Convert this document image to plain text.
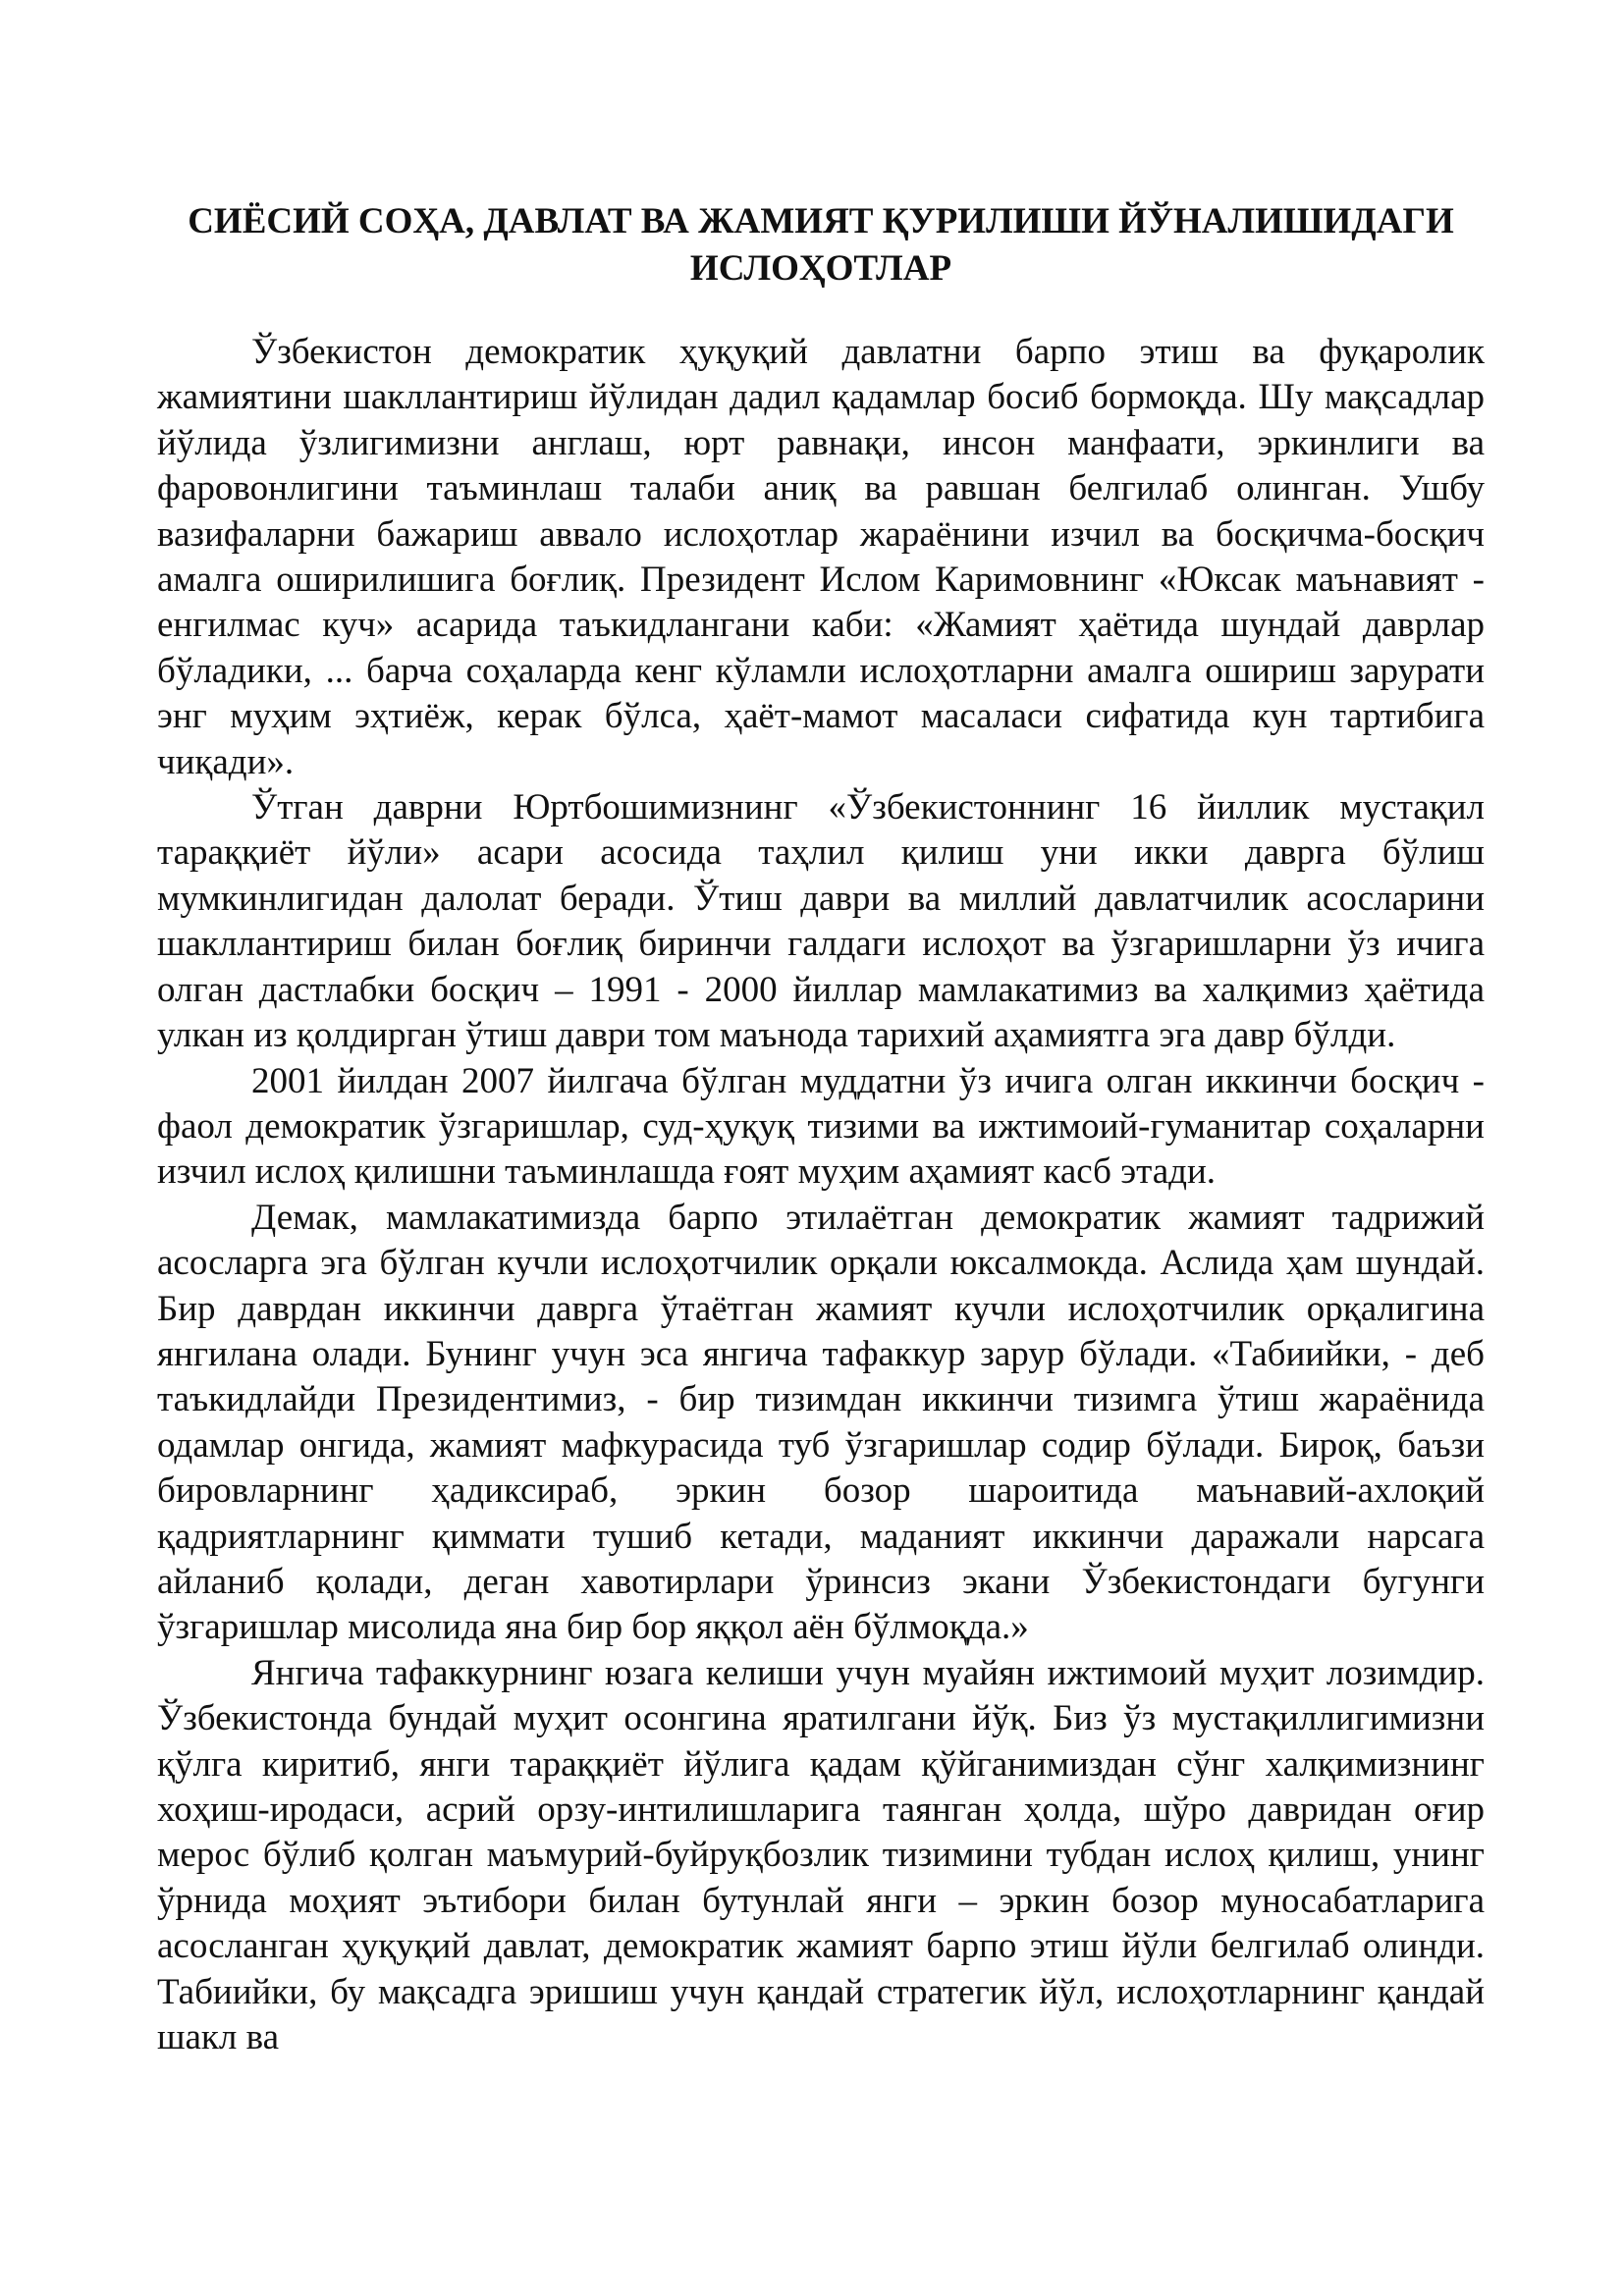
СИЁСИЙ СОҲА, ДАВЛАТ ВА ЖАМИЯТ ҚУРИЛИШИ ЙЎНАЛИШИДАГИ
ИСЛОҲОТЛАР

Ўзбекистон демократик ҳуқуқий давлатни барпо этиш ва фуқаролик жамиятини шакллантириш йўлидан дадил қадамлар босиб бормоқда. Шу мақсадлар йўлида ўзлигимизни англаш, юрт равнақи, инсон манфаати, эркинлиги ва фаровонлигини таъминлаш талаби аниқ ва равшан белгилаб олинган. Ушбу вазифаларни бажариш аввало ислоҳотлар жараёнини изчил ва босқичма-босқич амалга оширилишига боғлиқ. Президент Ислом Каримовнинг «Юксак маънавият - енгилмас куч» асарида таъкидлангани каби: «Жамият ҳаётида шундай даврлар бўладики, ... барча соҳаларда кенг кўламли ислоҳотларни амалга ошириш зарурати энг муҳим эҳтиёж, керак бўлса, ҳаёт-мамот масаласи сифатида кун тартибига чиқади».

Ўтган даврни Юртбошимизнинг «Ўзбекистоннинг 16 йиллик мустақил тараққиёт йўли» асари асосида таҳлил қилиш уни икки даврга бўлиш мумкинлигидан далолат беради. Ўтиш даври ва миллий давлатчилик асосларини шакллантириш билан боғлиқ биринчи галдаги ислоҳот ва ўзгаришларни ўз ичига олган дастлабки босқич – 1991 - 2000 йиллар мамлакатимиз ва халқимиз ҳаётида улкан из қолдирган ўтиш даври том маънода тарихий аҳамиятга эга давр бўлди.

2001 йилдан 2007 йилгача бўлган муддатни ўз ичига олган иккинчи босқич - фаол демократик ўзгаришлар, суд-ҳуқуқ тизими ва ижтимоий-гуманитар соҳаларни изчил ислоҳ қилишни таъминлашда ғоят муҳим аҳамият касб этади.

Демак, мамлакатимизда барпо этилаётган демократик жамият тадрижий асосларга эга бўлган кучли ислоҳотчилик орқали юксалмокда. Аслида ҳам шундай. Бир даврдан иккинчи даврга ўтаётган жамият кучли ислоҳотчилик орқалигина янгилана олади. Бунинг учун эса янгича тафаккур зарур бўлади. «Табиийки, - деб таъкидлайди Президентимиз, - бир тизимдан иккинчи тизимга ўтиш жараёнида одамлар онгида, жамият мафкурасида туб ўзгаришлар содир бўлади. Бироқ, баъзи бировларнинг ҳадиксираб, эркин бозор шароитида маънавий-ахлоқий қадриятларнинг қиммати тушиб кетади, маданият иккинчи даражали нарсага айланиб қолади, деган хавотирлари ўринсиз экани Ўзбекистондаги бугунги ўзгаришлар мисолида яна бир бор яққол аён бўлмоқда.»

Янгича тафаккурнинг юзага келиши учун муайян ижтимоий муҳит лозимдир. Ўзбекистонда бундай муҳит осонгина яратилгани йўқ. Биз ўз мустақиллигимизни қўлга киритиб, янги тараққиёт йўлига қадам қўйганимиздан сўнг халқимизнинг хоҳиш-иродаси, асрий орзу-интилишларига таянган ҳолда, шўро давридан оғир мерос бўлиб қолган маъмурий-буйруқбозлик тизимини тубдан ислоҳ қилиш, унинг ўрнида моҳият эътибори билан бутунлай янги – эркин бозор муносабатларига асосланган ҳуқуқий давлат, демократик жамият барпо этиш йўли белгилаб олинди. Табиийки, бу мақсадга эришиш учун қандай стратегик йўл, ислоҳотларнинг қандай шакл ва
